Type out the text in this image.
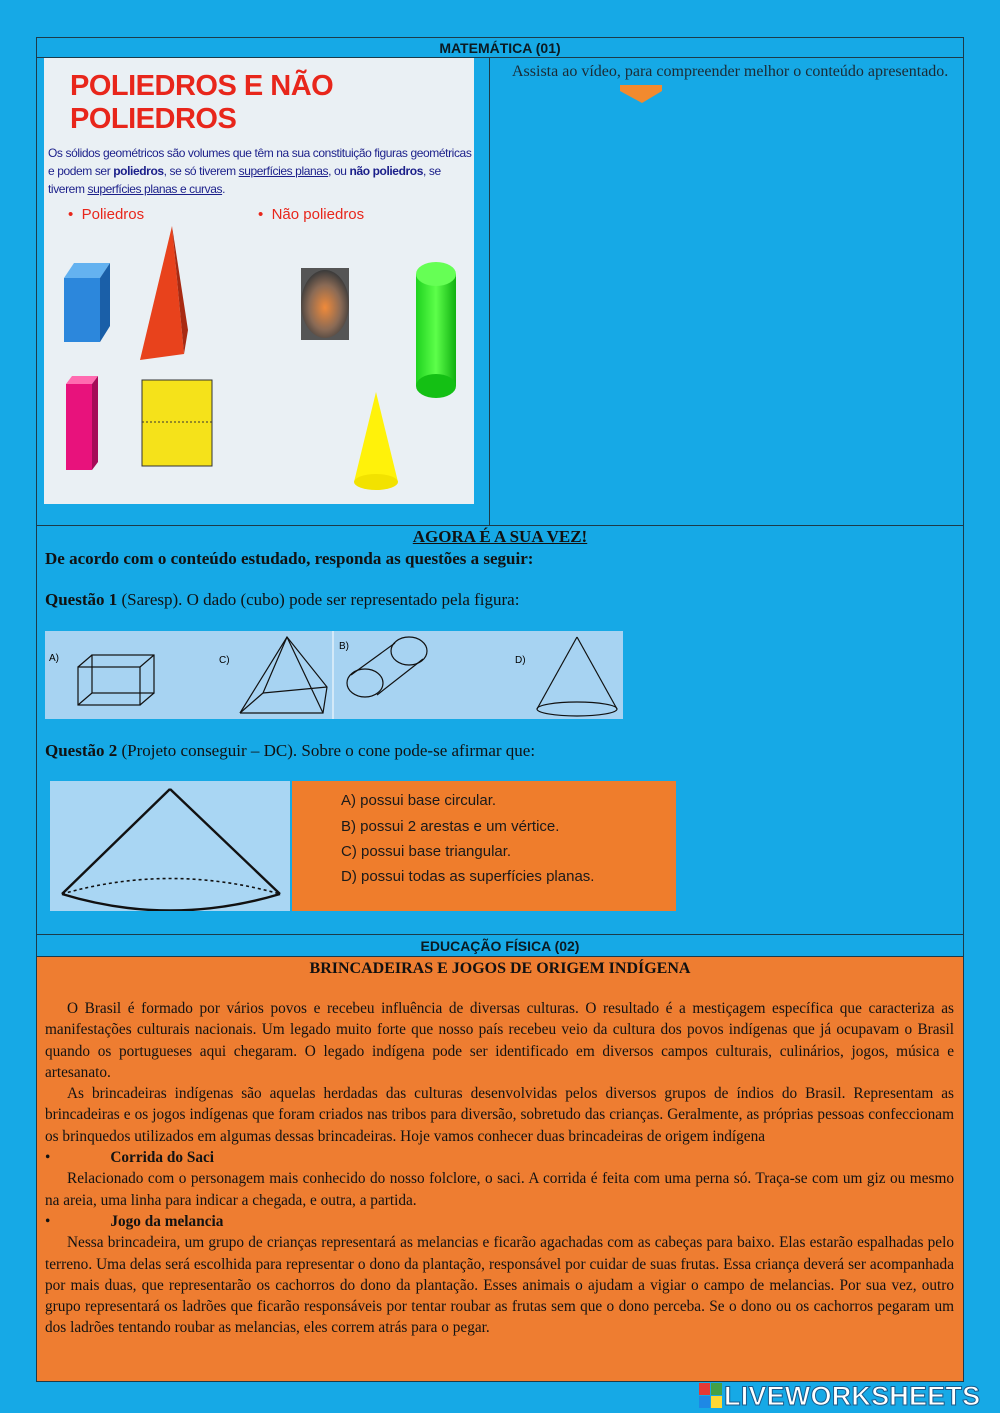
MATEMÁTICA (01)
POLIEDROS E NÃO POLIEDROS
Os sólidos geométricos são volumes que têm na sua constituição figuras geométricas
e podem ser poliedros, se só tiverem superfícies planas, ou não poliedros, se
tiverem superfícies planas e curvas.
•  Poliedros	•  Não poliedros
Assista ao vídeo, para compreender melhor o conteúdo apresentado.
AGORA É A SUA VEZ!
De acordo com o conteúdo estudado, responda as questões a seguir:
Questão 1 (Saresp). O dado (cubo) pode ser representado pela figura:
A)	C)
B)
D)
Questão 2 (Projeto conseguir – DC). Sobre o cone pode-se afirmar que:
A) possui base circular.
B) possui 2 arestas e um vértice.
C) possui base triangular.
D) possui todas as superfícies planas.
EDUCAÇÃO FÍSICA (02)
BRINCADEIRAS E JOGOS DE ORIGEM INDÍGENA

O Brasil é formado por vários povos e recebeu influência de diversas culturas. O resultado é a mestiçagem específica que caracteriza as manifestações culturais nacionais. Um legado muito forte que nosso país recebeu veio da cultura dos povos indígenas que já ocupavam o Brasil quando os portugueses aqui chegaram. O legado indígena pode ser identificado em diversos campos culturais, culinários, jogos, música e artesanato.

As brincadeiras indígenas são aquelas herdadas das culturas desenvolvidas pelos diversos grupos de índios do Brasil. Representam as brincadeiras e os jogos indígenas que foram criados nas tribos para diversão, sobretudo das crianças. Geralmente, as próprias pessoas confeccionam os brinquedos utilizados em algumas dessas brincadeiras. Hoje vamos conhecer duas brincadeiras de origem indígena

•	Corrida do Saci

Relacionado com o personagem mais conhecido do nosso folclore, o saci. A corrida é feita com uma perna só. Traça-se com um giz ou mesmo na areia, uma linha para indicar a chegada, e outra, a partida.

•	Jogo da melancia

Nessa brincadeira, um grupo de crianças representará as melancias e ficarão agachadas com as cabeças para baixo. Elas estarão espalhadas pelo terreno. Uma delas será escolhida para representar o dono da plantação, responsável por cuidar de suas frutas. Essa criança deverá ser acompanhada por mais duas, que representarão os cachorros do dono da plantação. Esses animais o ajudam a vigiar o campo de melancias. Por sua vez, outro grupo representará os ladrões que ficarão responsáveis por tentar roubar as frutas sem que o dono perceba. Se o dono ou os cachorros pegaram um dos ladrões tentando roubar as melancias, eles correm atrás para o pegar.

LIVEWORKSHEETS
